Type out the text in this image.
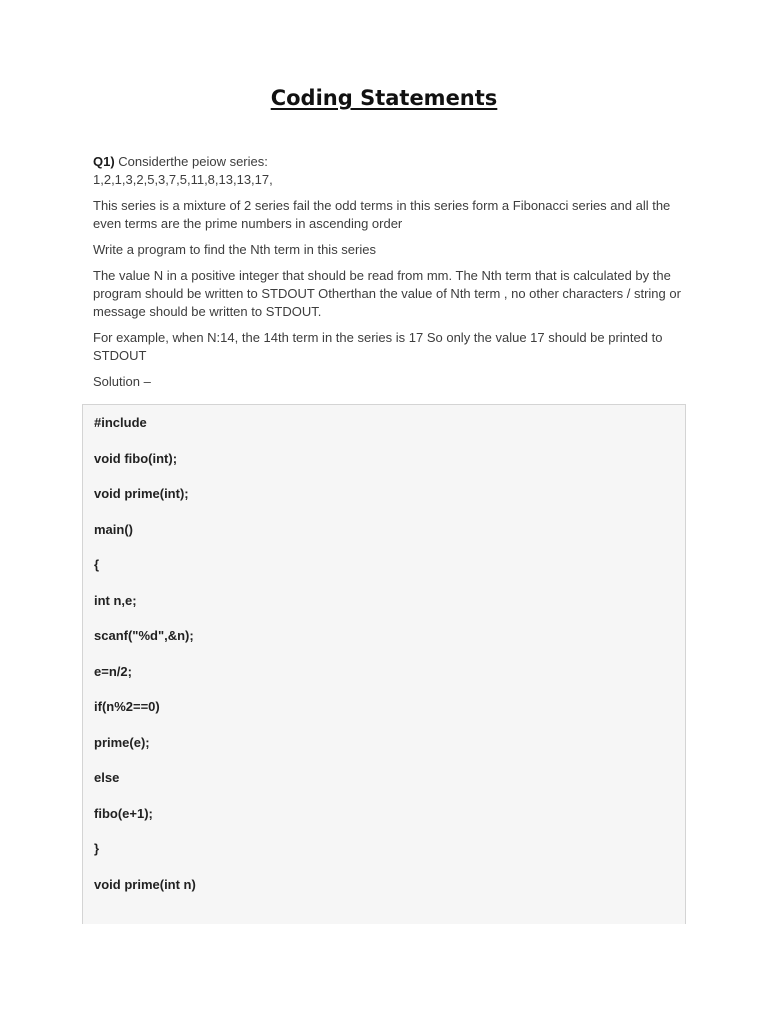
Coding Statements

Q1) Considerthe peiow series:
1,2,1,3,2,5,3,7,5,11,8,13,13,17,

This series is a mixture of 2 series fail the odd terms in this series form a Fibonacci series and all the even terms are the prime numbers in ascending order

Write a program to find the Nth term in this series

The value N in a positive integer that should be read from mm. The Nth term that is calculated by the program should be written to STDOUT Otherthan the value of Nth term , no other characters / string or message should be written to STDOUT.

For example, when N:14, the 14th term in the series is 17 So only the value 17 should be printed to STDOUT

Solution –

#include
void fibo(int);
void prime(int);
main()
{
int n,e;
scanf("%d",&n);
e=n/2;
if(n%2==0)
prime(e);
else
fibo(e+1);
}
void prime(int n)
